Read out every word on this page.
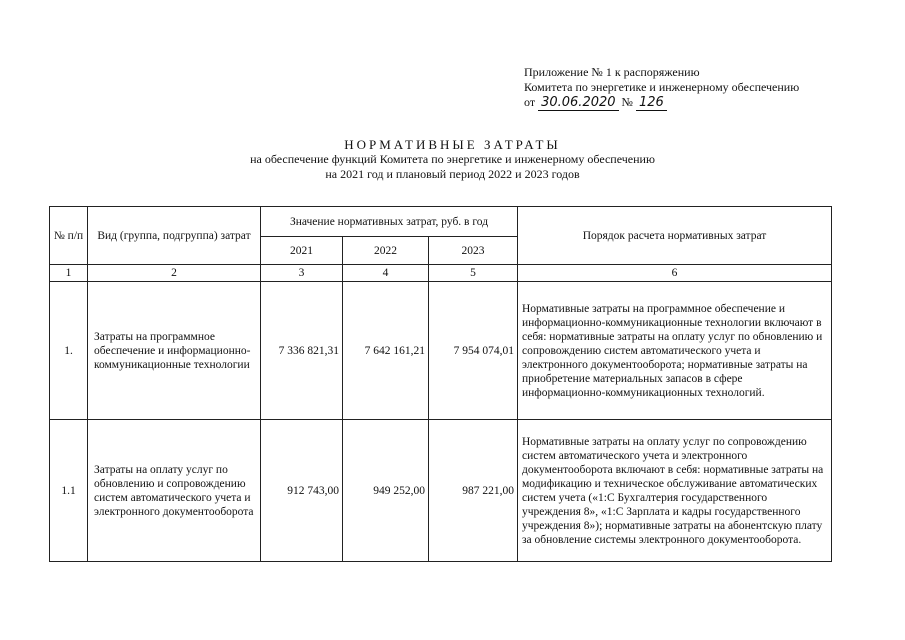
Приложение № 1 к распоряжению
Комитета по энергетике и инженерному обеспечению
от 30.06.2020 № 126
НОРМАТИВНЫЕ ЗАТРАТЫ
на обеспечение функций Комитета по энергетике и инженерному обеспечению
на 2021 год и плановый период 2022 и 2023 годов
№ п/п	Вид (группа, подгруппа) затрат	Значение нормативных затрат, руб. в год			Порядок расчета нормативных затрат
		2021	2022	2023	
1	2	3	4	5	6
1.	Затраты на программное обеспечение и информационно-коммуникационные технологии	7 336 821,31	7 642 161,21	7 954 074,01	Нормативные затраты на программное обеспечение и информационно-коммуникационные технологии включают в себя: нормативные затраты на оплату услуг по обновлению и сопровождению систем автоматического учета и электронного документооборота; нормативные затраты на приобретение материальных запасов в сфере информационно-коммуникационных технологий.
1.1	Затраты на оплату услуг по обновлению и сопровождению систем автоматического учета и электронного документооборота	912 743,00	949 252,00	987 221,00	Нормативные затраты на оплату услуг по сопровождению систем автоматического учета и электронного документооборота включают в себя: нормативные затраты на модификацию и техническое обслуживание автоматических систем учета («1:С Бухгалтерия государственного учреждения 8», «1:С Зарплата и кадры государственного учреждения 8»); нормативные затраты на абонентскую плату за обновление системы электронного документооборота.
